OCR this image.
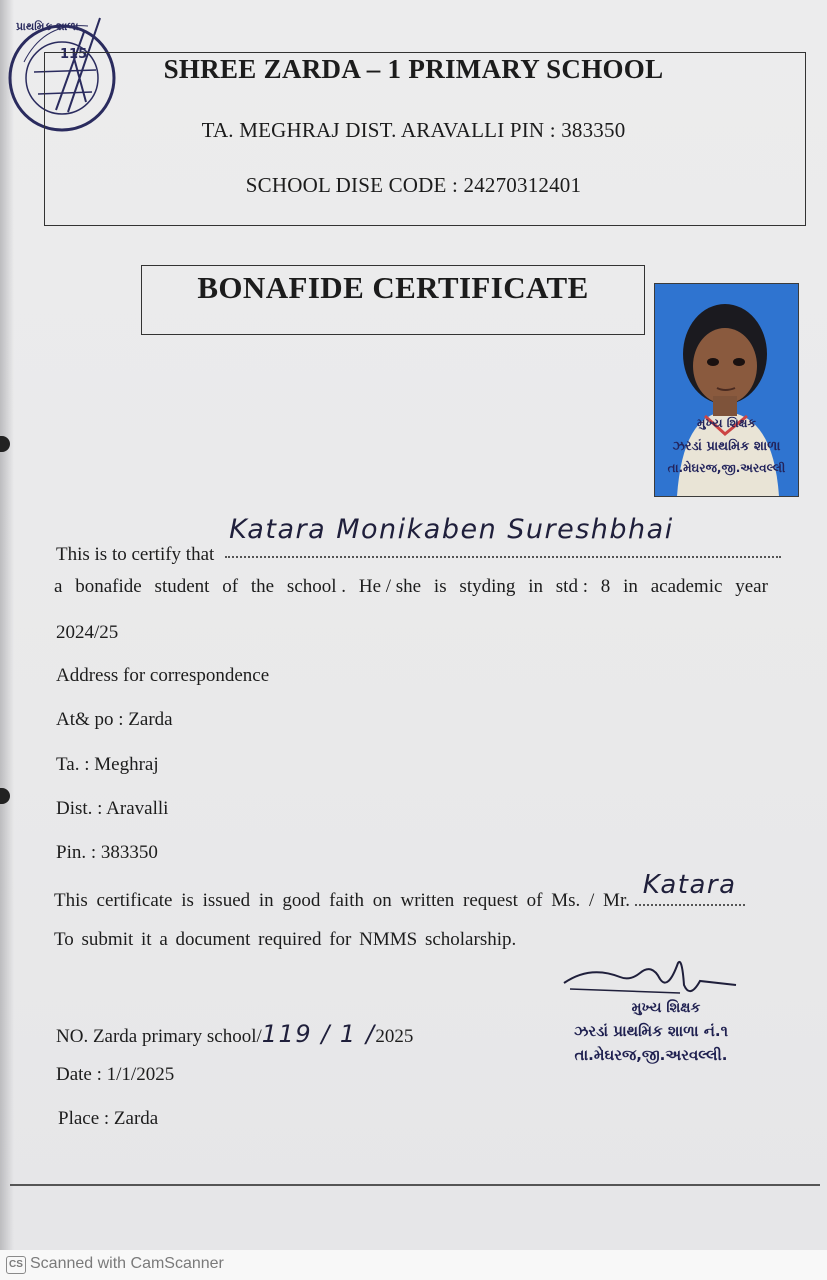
પ્રાથમિક શાળા
115	SHREE ZARDA – 1 PRIMARY SCHOOL
TA. MEGHRAJ DIST. ARAVALLI PIN : 383350
SCHOOL DISE CODE : 24270312401
BONAFIDE CERTIFICATE
મુખ્ય શિક્ષક
ઝરડાં પ્રાથમિક શાળા
તા.મેઘરજ,જી.અરવલ્લી
This is to certify that
Katara Monikaben Sureshbhai
a bonafide student of the school . He / she is styding in std : 8 in academic year
2024/25
Address for correspondence
At& po : Zarda
Ta. : Meghraj
Dist. : Aravalli
Pin. : 383350
This certificate is issued in good faith on written request of Ms. / Mr.
Katara
To submit it a document required for NMMS scholarship.
NO. Zarda primary school/119 / 1 /2025
Date : 1/1/2025
Place : Zarda
મુખ્ય શિક્ષક
ઝરડાં પ્રાથમિક શાળા નં.૧
તા.મેઘરજ,જી.અરવલ્લી.
CS Scanned with CamScanner
